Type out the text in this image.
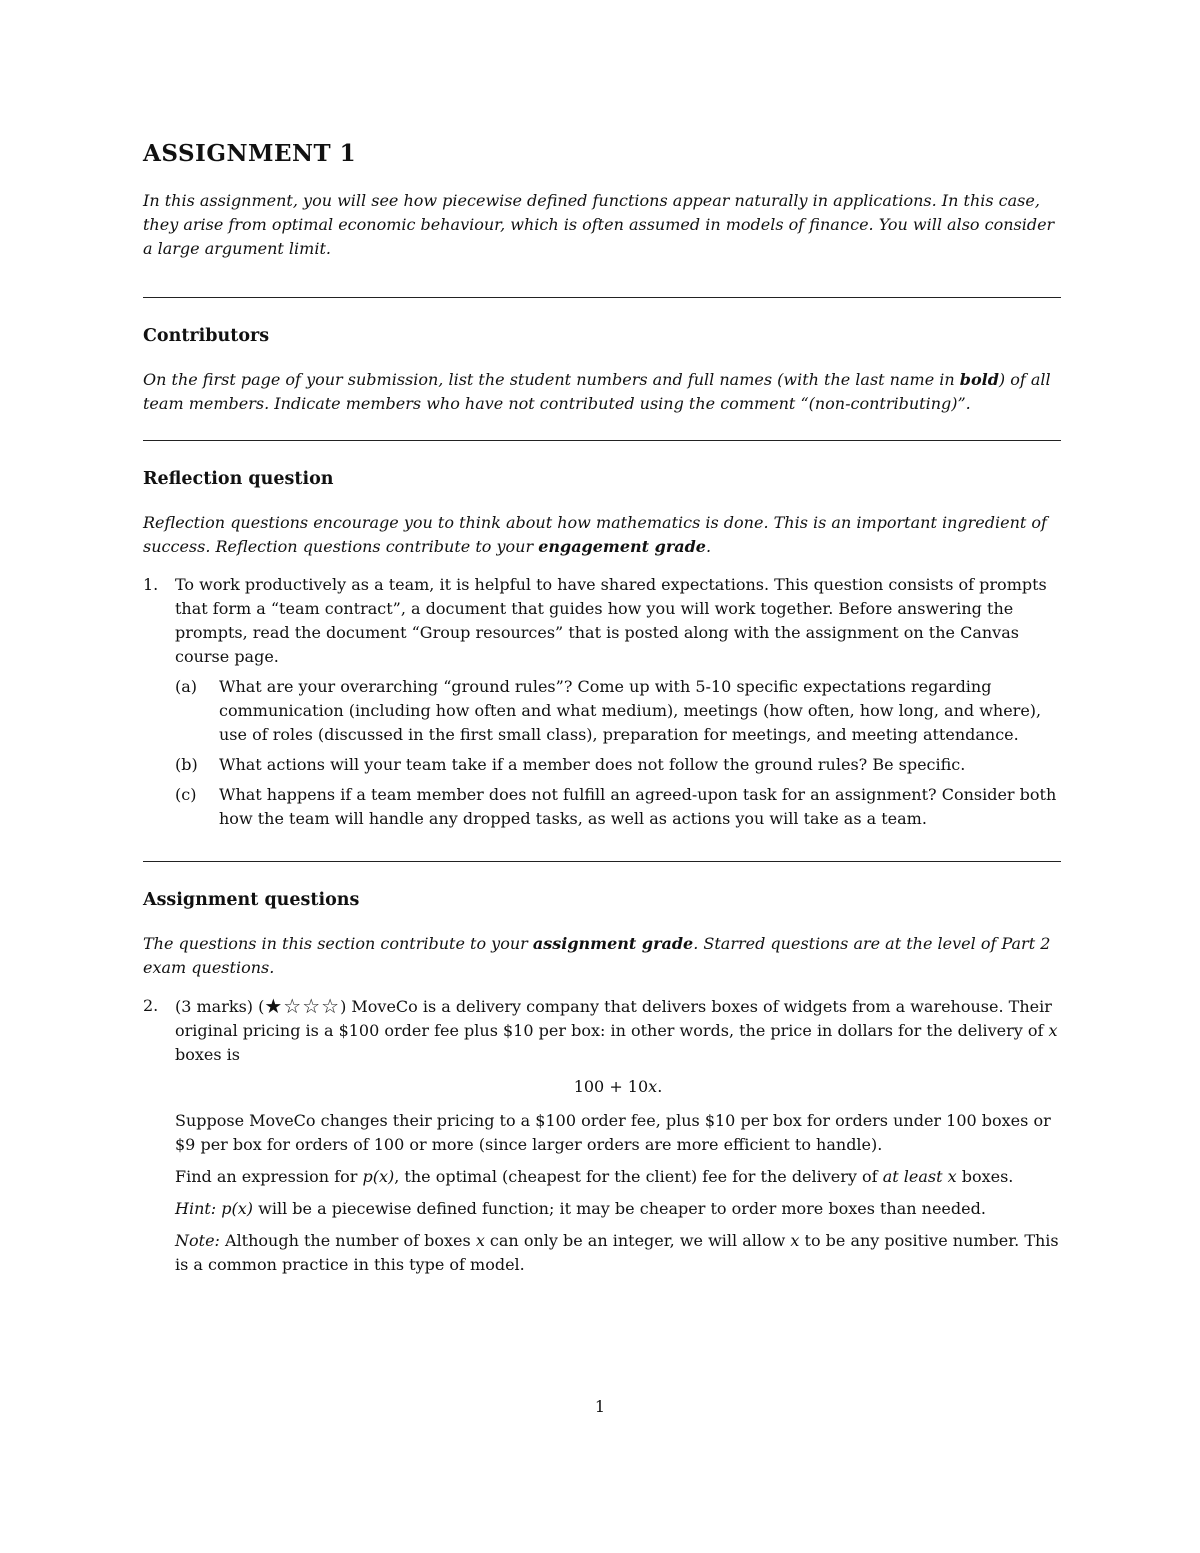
ASSIGNMENT 1

In this assignment, you will see how piecewise defined functions appear naturally in applications. In this case, they arise from optimal economic behaviour, which is often assumed in models of finance. You will also consider a large argument limit.

Contributors

On the first page of your submission, list the student numbers and full names (with the last name in bold) of all team members. Indicate members who have not contributed using the comment “(non-contributing)”.

Reflection question

Reflection questions encourage you to think about how mathematics is done. This is an important ingredient of success. Reflection questions contribute to your engagement grade.

1.	To work productively as a team, it is helpful to have shared expectations. This question consists of prompts that form a “team contract”, a document that guides how you will work together. Before answering the prompts, read the document “Group resources” that is posted along with the assignment on the Canvas course page.
(a)	What are your overarching “ground rules”? Come up with 5-10 specific expectations regarding communication (including how often and what medium), meetings (how often, how long, and where), use of roles (discussed in the first small class), preparation for meetings, and meeting attendance.
(b)	What actions will your team take if a member does not follow the ground rules? Be specific.
(c)	What happens if a team member does not fulfill an agreed-upon task for an assignment? Consider both how the team will handle any dropped tasks, as well as actions you will take as a team.
Assignment questions

The questions in this section contribute to your assignment grade. Starred questions are at the level of Part 2 exam questions.

2.	(3 marks) (★☆☆☆) MoveCo is a delivery company that delivers boxes of widgets from a warehouse. Their original pricing is a $100 order fee plus $10 per box: in other words, the price in dollars for the delivery of x boxes is

100 + 10x.

Suppose MoveCo changes their pricing to a $100 order fee, plus $10 per box for orders under 100 boxes or $9 per box for orders of 100 or more (since larger orders are more efficient to handle).

Find an expression for p(x), the optimal (cheapest for the client) fee for the delivery of at least x boxes.

Hint: p(x) will be a piecewise defined function; it may be cheaper to order more boxes than needed.

Note: Although the number of boxes x can only be an integer, we will allow x to be any positive number. This is a common practice in this type of model.

1
